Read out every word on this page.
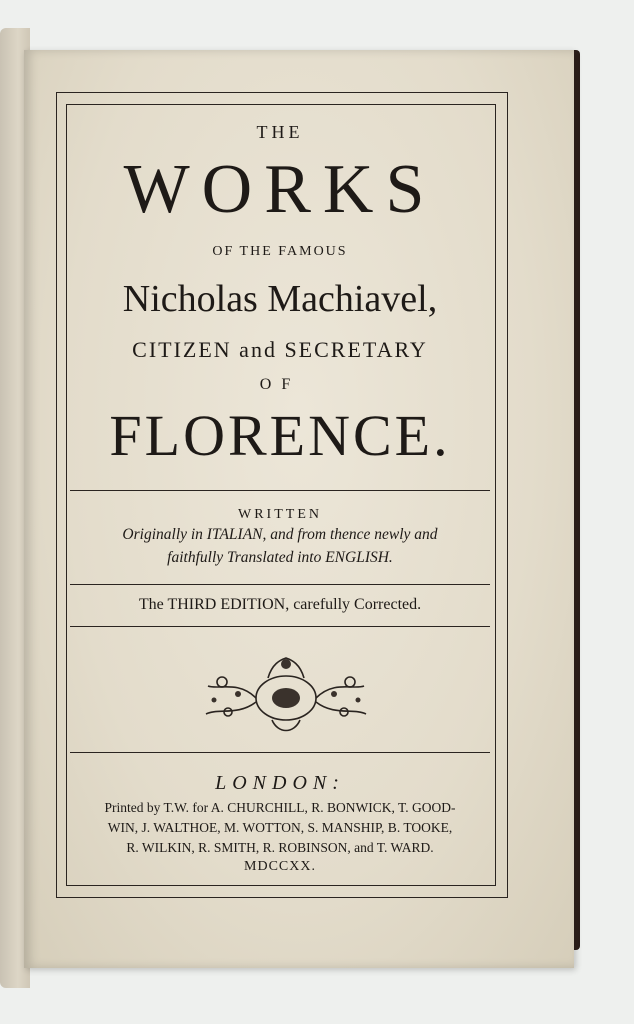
THE
WORKS
OF THE FAMOUS
Nicholas Machiavel,
CITIZEN and SECRETARY
OF
FLORENCE.
WRITTEN
Originally in ITALIAN, and from thence newly and
faithfully Translated into ENGLISH.
The THIRD EDITION, carefully Corrected.
LONDON:
Printed by T.W. for A. CHURCHILL, R. BONWICK, T. GOOD-
WIN, J. WALTHOE, M. WOTTON, S. MANSHIP, B. TOOKE,
R. WILKIN, R. SMITH, R. ROBINSON, and T. WARD.
MDCCXX.
